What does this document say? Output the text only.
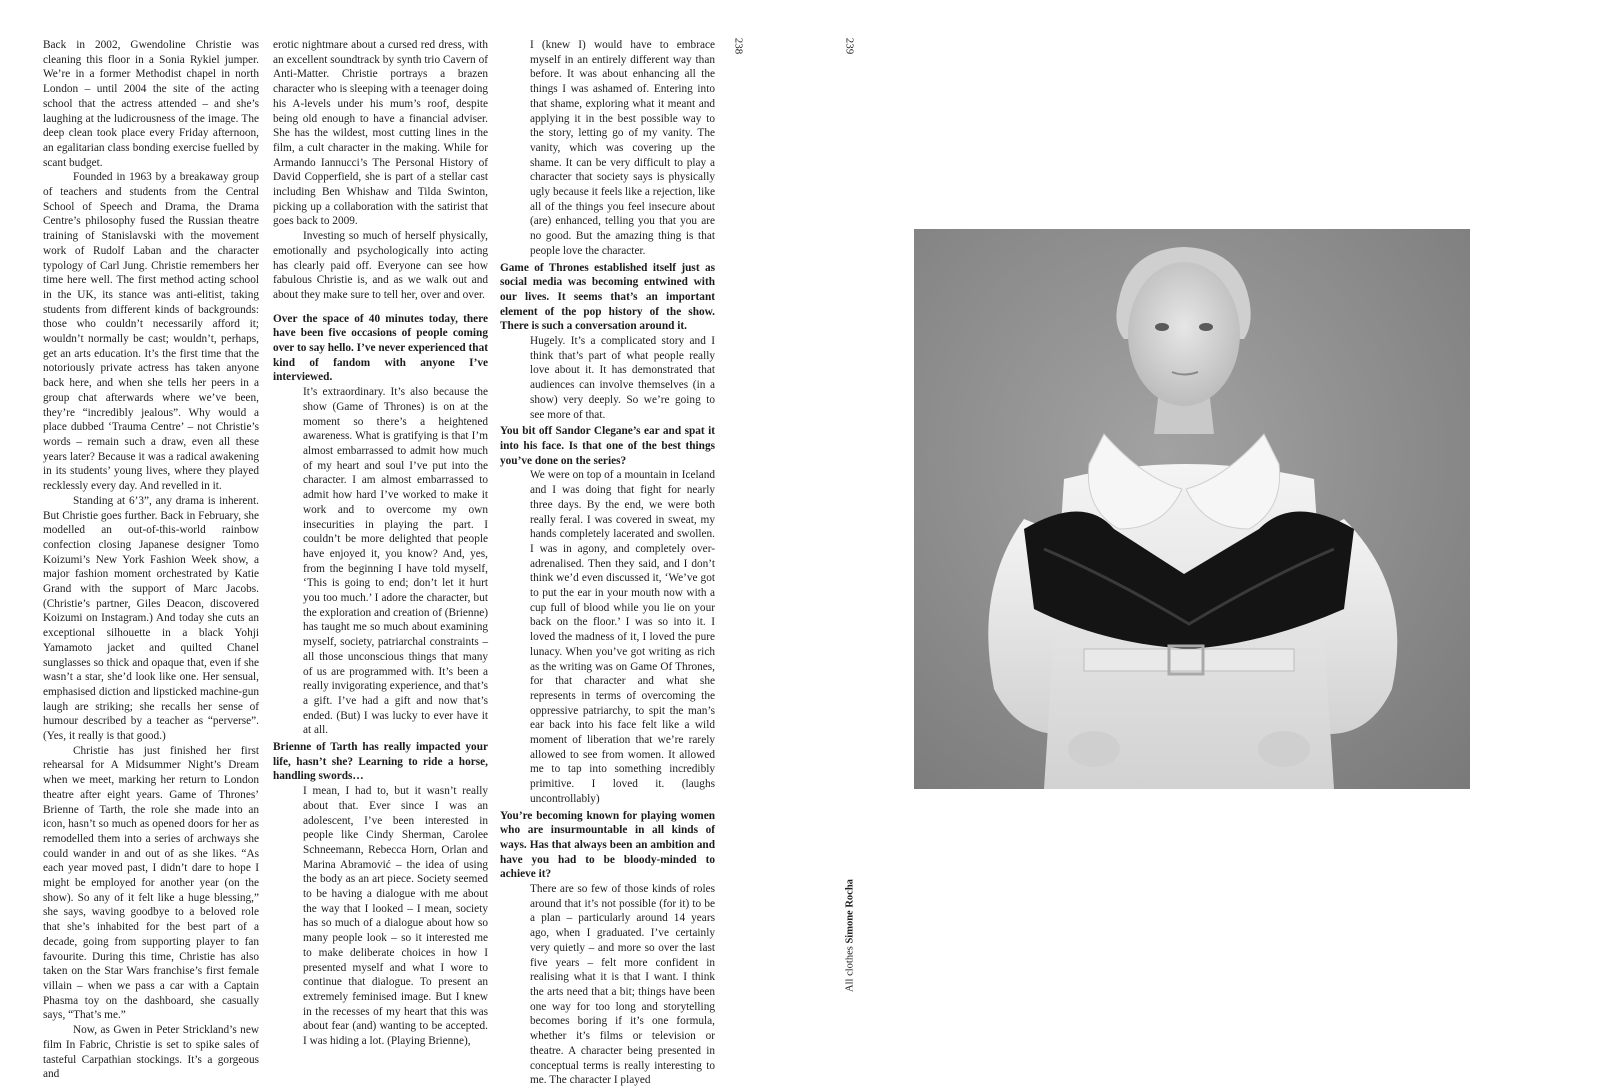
Back in 2002, Gwendoline Christie was cleaning this floor in a Sonia Rykiel jumper. We’re in a former Methodist chapel in north London – until 2004 the site of the acting school that the actress attended – and she’s laughing at the ludicrousness of the image. The deep clean took place every Friday afternoon, an egalitarian class bonding exercise fuelled by scant budget.

Founded in 1963 by a breakaway group of teachers and students from the Central School of Speech and Drama, the Drama Centre’s philosophy fused the Russian theatre training of Stanislavski with the movement work of Rudolf Laban and the character typology of Carl Jung. Christie remembers her time here well. The first method acting school in the UK, its stance was anti-elitist, taking students from different kinds of backgrounds: those who couldn’t necessarily afford it; wouldn’t normally be cast; wouldn’t, perhaps, get an arts education. It’s the first time that the notoriously private actress has taken anyone back here, and when she tells her peers in a group chat afterwards where we’ve been, they’re “incredibly jealous”. Why would a place dubbed ‘Trauma Centre’ – not Christie’s words – remain such a draw, even all these years later? Because it was a radical awakening in its students’ young lives, where they played recklessly every day. And revelled in it.

Standing at 6’3”, any drama is inherent. But Christie goes further. Back in February, she modelled an out-of-this-world rainbow confection closing Japanese designer Tomo Koizumi’s New York Fashion Week show, a major fashion moment orchestrated by Katie Grand with the support of Marc Jacobs. (Christie’s partner, Giles Deacon, discovered Koizumi on Instagram.) And today she cuts an exceptional silhouette in a black Yohji Yamamoto jacket and quilted Chanel sunglasses so thick and opaque that, even if she wasn’t a star, she’d look like one. Her sensual, emphasised diction and lipsticked machine-gun laugh are striking; she recalls her sense of humour described by a teacher as “perverse”. (Yes, it really is that good.)

Christie has just finished her first rehearsal for A Midsummer Night’s Dream when we meet, marking her return to London theatre after eight years. Game of Thrones’ Brienne of Tarth, the role she made into an icon, hasn’t so much as opened doors for her as remodelled them into a series of archways she could wander in and out of as she likes. “As each year moved past, I didn’t dare to hope I might be employed for another year (on the show). So any of it felt like a huge blessing,” she says, waving goodbye to a beloved role that she’s inhabited for the best part of a decade, going from supporting player to fan favourite. During this time, Christie has also taken on the Star Wars franchise’s first female villain – when we pass a car with a Captain Phasma toy on the dashboard, she casually says, “That’s me.”

Now, as Gwen in Peter Strickland’s new film In Fabric, Christie is set to spike sales of tasteful Carpathian stockings. It’s a gorgeous and

erotic nightmare about a cursed red dress, with an excellent soundtrack by synth trio Cavern of Anti-Matter. Christie portrays a brazen character who is sleeping with a teenager doing his A-levels under his mum’s roof, despite being old enough to have a financial adviser. She has the wildest, most cutting lines in the film, a cult character in the making. While for Armando Iannucci’s The Personal History of David Copperfield, she is part of a stellar cast including Ben Whishaw and Tilda Swinton, picking up a collaboration with the satirist that goes back to 2009.

Investing so much of herself physically, emotionally and psychologically into acting has clearly paid off. Everyone can see how fabulous Christie is, and as we walk out and about they make sure to tell her, over and over.

Over the space of 40 minutes today, there have been five occasions of people coming over to say hello. I’ve never experienced that kind of fandom with anyone I’ve interviewed.

It’s extraordinary. It’s also because the show (Game of Thrones) is on at the moment so there’s a heightened awareness. What is gratifying is that I’m almost embarrassed to admit how much of my heart and soul I’ve put into the character. I am almost embarrassed to admit how hard I’ve worked to make it work and to overcome my own insecurities in playing the part. I couldn’t be more delighted that people have enjoyed it, you know? And, yes, from the beginning I have told myself, ‘This is going to end; don’t let it hurt you too much.’ I adore the character, but the exploration and creation of (Brienne) has taught me so much about examining myself, society, patriarchal constraints – all those unconscious things that many of us are programmed with. It’s been a really invigorating experience, and that’s a gift. I’ve had a gift and now that’s ended. (But) I was lucky to ever have it at all.

Brienne of Tarth has really impacted your life, hasn’t she? Learning to ride a horse, handling swords…

I mean, I had to, but it wasn’t really about that. Ever since I was an adolescent, I’ve been interested in people like Cindy Sherman, Carolee Schneemann, Rebecca Horn, Orlan and Marina Abramović – the idea of using the body as an art piece. Society seemed to be having a dialogue with me about the way that I looked – I mean, society has so much of a dialogue about how so many people look – so it interested me to make deliberate choices in how I presented myself and what I wore to continue that dialogue. To present an extremely feminised image. But I knew in the recesses of my heart that this was about fear (and) wanting to be accepted. I was hiding a lot. (Playing Brienne),

I (knew I) would have to embrace myself in an entirely different way than before. It was about enhancing all the things I was ashamed of. Entering into that shame, exploring what it meant and applying it in the best possible way to the story, letting go of my vanity. The vanity, which was covering up the shame. It can be very difficult to play a character that society says is physically ugly because it feels like a rejection, like all of the things you feel insecure about (are) enhanced, telling you that you are no good. But the amazing thing is that people love the character.

Game of Thrones established itself just as social media was becoming entwined with our lives. It seems that’s an important element of the pop history of the show. There is such a conversation around it.

Hugely. It’s a complicated story and I think that’s part of what people really love about it. It has demonstrated that audiences can involve themselves (in a show) very deeply. So we’re going to see more of that.

You bit off Sandor Clegane’s ear and spat it into his face. Is that one of the best things you’ve done on the series?

We were on top of a mountain in Iceland and I was doing that fight for nearly three days. By the end, we were both really feral. I was covered in sweat, my hands completely lacerated and swollen. I was in agony, and completely over-adrenalised. Then they said, and I don’t think we’d even discussed it, ‘We’ve got to put the ear in your mouth now with a cup full of blood while you lie on your back on the floor.’ I was so into it. I loved the madness of it, I loved the pure lunacy. When you’ve got writing as rich as the writing was on Game Of Thrones, for that character and what she represents in terms of overcoming the oppressive patriarchy, to spit the man’s ear back into his face felt like a wild moment of liberation that we’re rarely allowed to see from women. It allowed me to tap into something incredibly primitive. I loved it. (laughs uncontrollably)

You’re becoming known for playing women who are insurmountable in all kinds of ways. Has that always been an ambition and have you had to be bloody-minded to achieve it?

There are so few of those kinds of roles around that it’s not possible (for it) to be a plan – particularly around 14 years ago, when I graduated. I’ve certainly very quietly – and more so over the last five years – felt more confident in realising what it is that I want. I think the arts need that a bit; things have been one way for too long and storytelling becomes boring if it’s one formula, whether it’s films or television or theatre. A character being presented in conceptual terms is really interesting to me. The character I played

238	239
All clothes Simone Rocha
